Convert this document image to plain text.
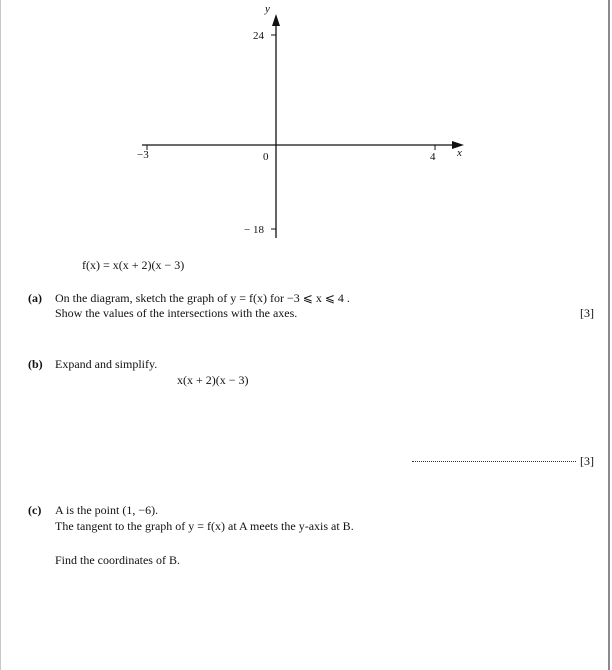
y
x
24
− 18
−3	0	4
f(x) = x(x + 2)(x − 3)
(a) On the diagram, sketch the graph of y = f(x) for −3 ⩽ x ⩽ 4 .
Show the values of the intersections with the axes.	[3]
(b) Expand and simplify.
x(x + 2)(x − 3)
[3]
(c) A is the point (1, −6).
The tangent to the graph of y = f(x) at A meets the y-axis at B.
Find the coordinates of B.
